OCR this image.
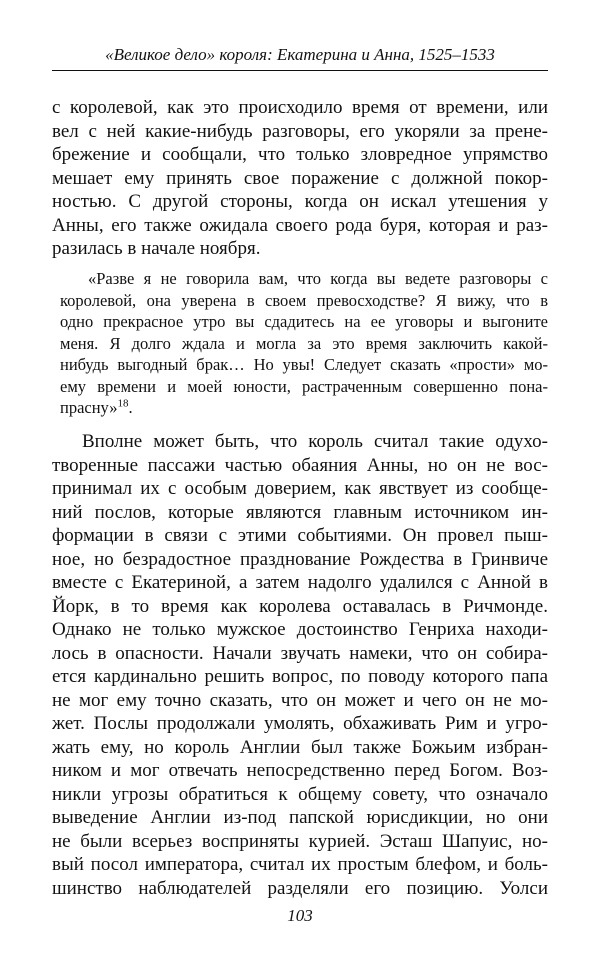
«Великое дело» короля: Екатерина и Анна, 1525–1533
с королевой, как это происходило время от времени, или
вел с ней какие-нибудь разговоры, его укоряли за пренe-
брежение и сообщали, что только зловредное упрямство
мешает ему принять свое поражение с должной покор-
ностью. С другой стороны, когда он искал утешения у
Анны, его также ожидала своего рода буря, которая и раз-
разилась в начале ноября.
«Разве я не говорила вам, что когда вы ведете разговоры с
королевой, она уверена в своем превосходстве? Я вижу, что в
одно прекрасное утро вы сдадитесь на ее уговоры и выгоните
меня. Я долго ждала и могла за это время заключить какой-
нибудь выгодный брак… Но увы! Следует сказать «прости» мо-
ему времени и моей юности, растраченным совершенно пона-
прасну»$^{18}$.
Вполне может быть, что король считал такие одухо-
творенные пассажи частью обаяния Анны, но он не вос-
принимал их с особым доверием, как явствует из сообще-
ний послов, которые являются главным источником ин-
формации в связи с этими событиями. Он провел пыш-
ное, но безрадостное празднование Рождества в Гринвиче
вместе с Екатериной, а затем надолго удалился с Анной в
Йорк, в то время как королева оставалась в Ричмонде.
Однако не только мужское достоинство Генриха находи-
лось в опасности. Начали звучать намеки, что он собира-
ется кардинально решить вопрос, по поводу которого папа
не мог ему точно сказать, что он может и чего он не мо-
жет. Послы продолжали умолять, обхаживать Рим и угро-
жать ему, но король Англии был также Божьим избран-
ником и мог отвечать непосредственно перед Богом. Воз-
никли угрозы обратиться к общему совету, что означало
выведение Англии из-под папской юрисдикции, но они
не были всерьез восприняты курией. Эсташ Шапуис, но-
вый посол императора, считал их простым блефом, и боль-
шинство наблюдателей разделяли его позицию. Уолси
103
